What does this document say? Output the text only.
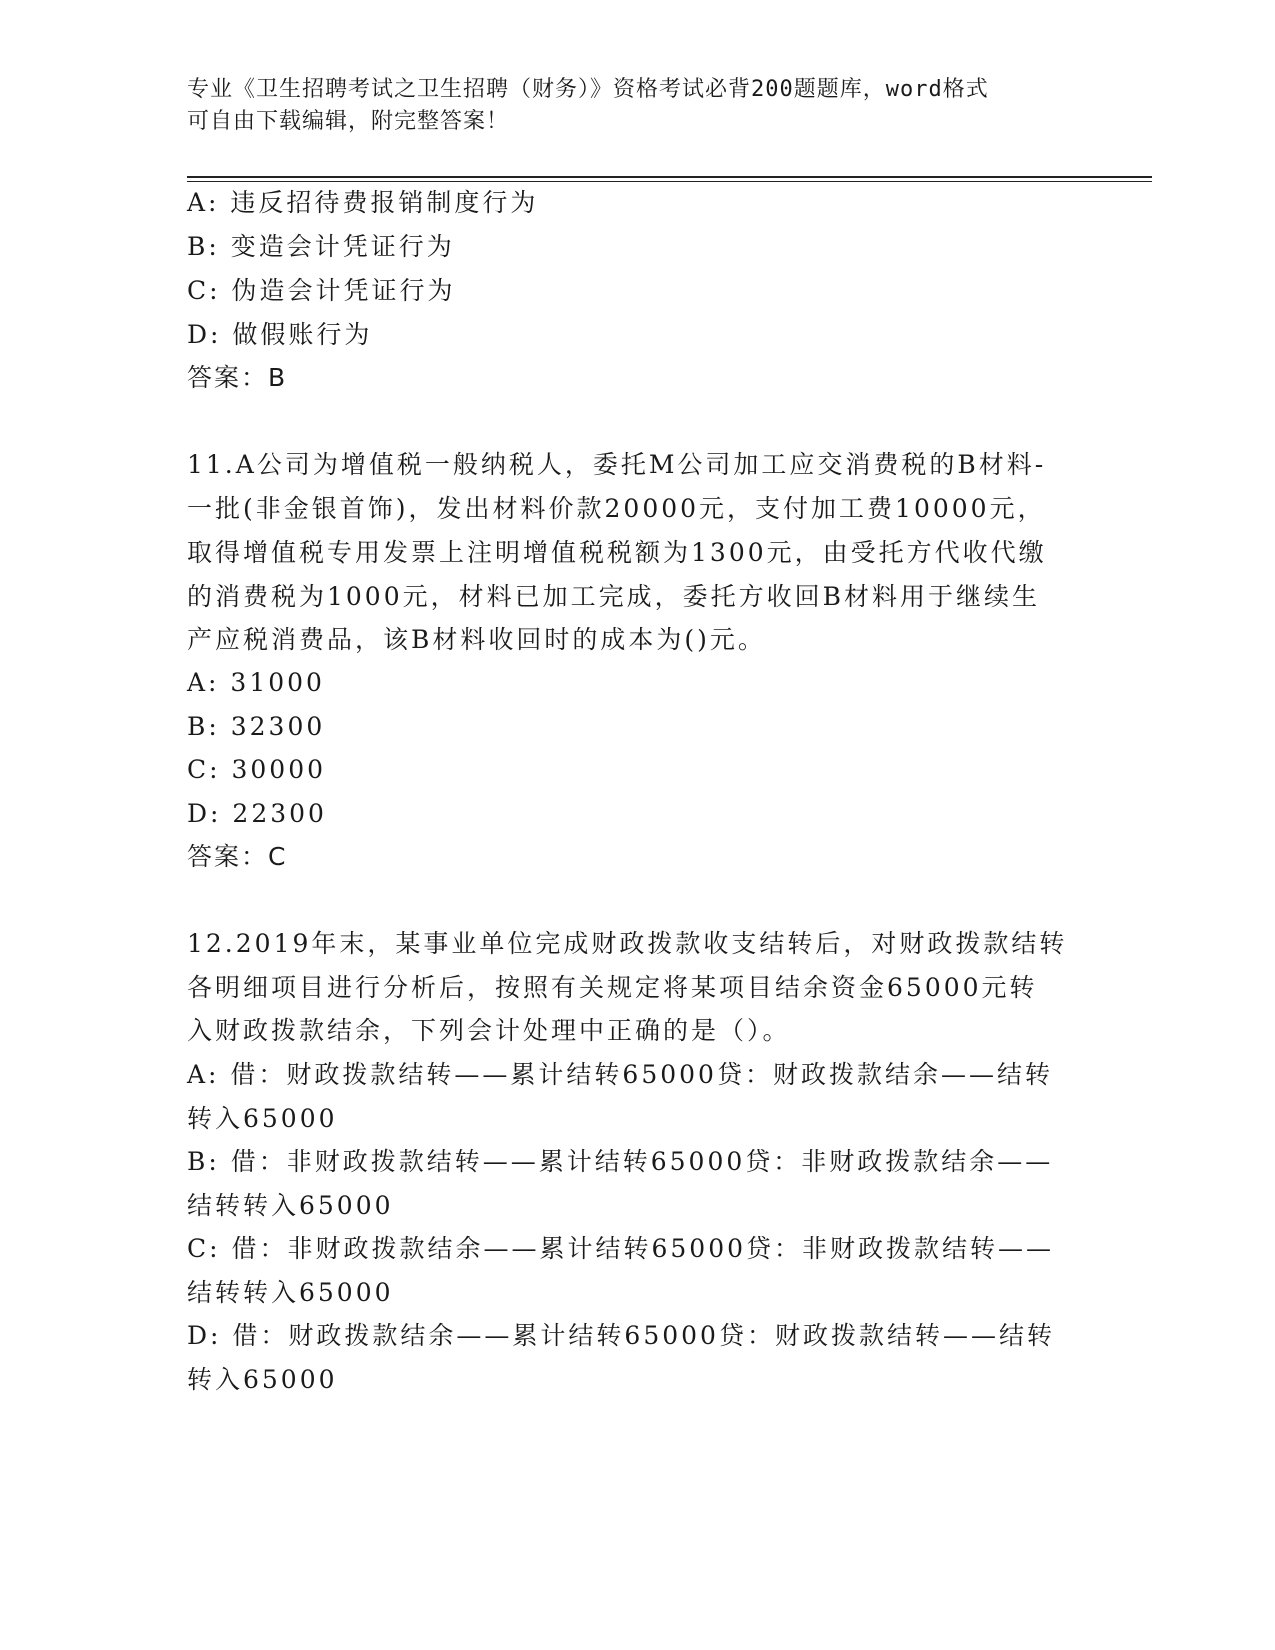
专业《卫生招聘考试之卫生招聘（财务）》资格考试必背200题题库，word格式
可自由下载编辑，附完整答案！
A: 违反招待费报销制度行为
B: 变造会计凭证行为
C: 伪造会计凭证行为
D: 做假账行为
答案：B
11.A公司为增值税一般纳税人，委托M公司加工应交消费税的B材料-
一批(非金银首饰)，发出材料价款20000元，支付加工费10000元，
取得增值税专用发票上注明增值税税额为1300元，由受托方代收代缴
的消费税为1000元，材料已加工完成，委托方收回B材料用于继续生
产应税消费品，该B材料收回时的成本为()元。
A: 31000
B: 32300
C: 30000
D: 22300
答案：C
12.2019年末，某事业单位完成财政拨款收支结转后，对财政拨款结转
各明细项目进行分析后，按照有关规定将某项目结余资金65000元转
入财政拨款结余，下列会计处理中正确的是（）。
A: 借：财政拨款结转——累计结转65000贷：财政拨款结余——结转
转入65000
B: 借：非财政拨款结转——累计结转65000贷：非财政拨款结余——
结转转入65000
C: 借：非财政拨款结余——累计结转65000贷：非财政拨款结转——
结转转入65000
D: 借：财政拨款结余——累计结转65000贷：财政拨款结转——结转
转入65000
